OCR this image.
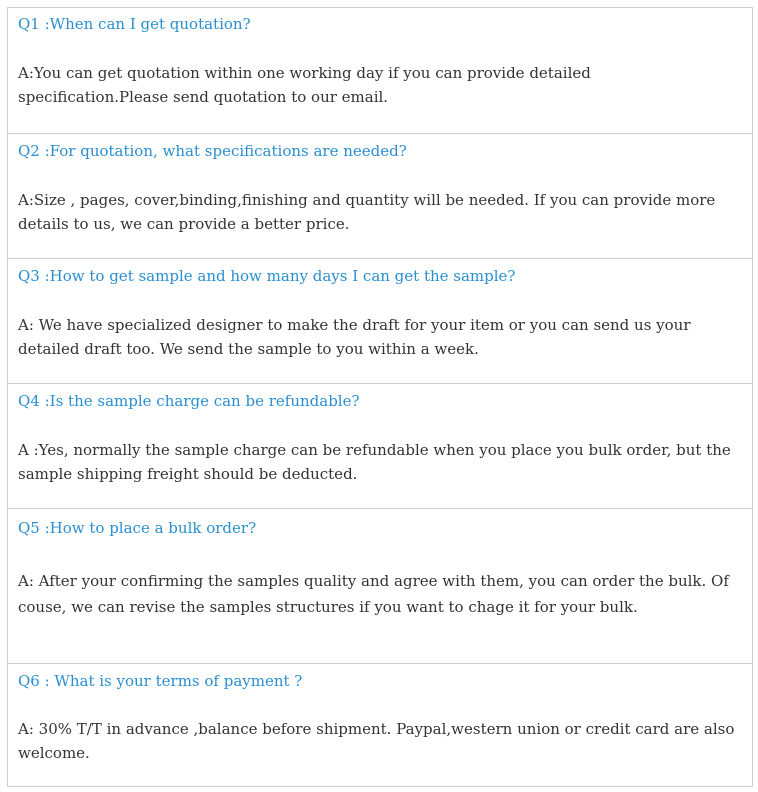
Q1 :When can I get quotation?
A:You can get quotation within one working day if you can provide detailed specification.Please send quotation to our email.
Q2 :For quotation, what specifications are needed?
A:Size , pages, cover,binding,finishing and quantity will be needed. If you can provide more details to us, we can provide a better price.
Q3 :How to get sample and how many days I can get the sample?
A: We have specialized designer to make the draft for your item or you can send us your detailed draft too. We send the sample to you within a week.
Q4 :Is the sample charge can be refundable?
A :Yes, normally the sample charge can be refundable when you place you bulk order, but the sample shipping freight should be deducted.
Q5 :How to place a bulk order?
A: After your confirming the samples quality and agree with them, you can order the bulk. Of couse, we can revise the samples structures if you want to chage it for your bulk.
Q6 : What is your terms of payment ?
A: 30% T/T in advance ,balance before shipment. Paypal,western union or credit card are also welcome.
